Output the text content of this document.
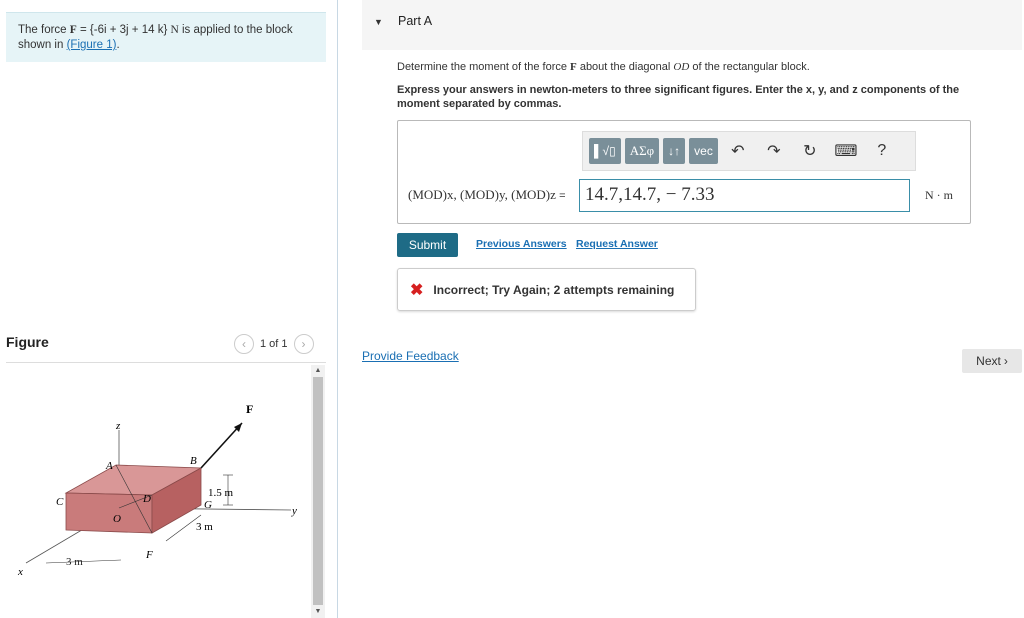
The force F = {-6i + 3j + 14 k} N is applied to the block
shown in (Figure 1).
Figure	‹	1 of 1	›
F
z
A	B
C	D
O
G
F
y
x
1.5 m
3 m
3 m
▲
▼
▼ Part A
Determine the moment of the force F about the diagonal OD of the rectangular block.
Express your answers in newton-meters to three significant figures. Enter the x, y, and z components of the moment separated by commas.
▌√▯	ΑΣφ	↓↑	vec	↶	↷	↻	⌨	?
(MOD)x, (MOD)y, (MOD)z =	14.7,14.7, − 7.33	N · m
Submit	Previous Answers Request Answer
✖ Incorrect; Try Again; 2 attempts remaining
Provide Feedback	Next ›
